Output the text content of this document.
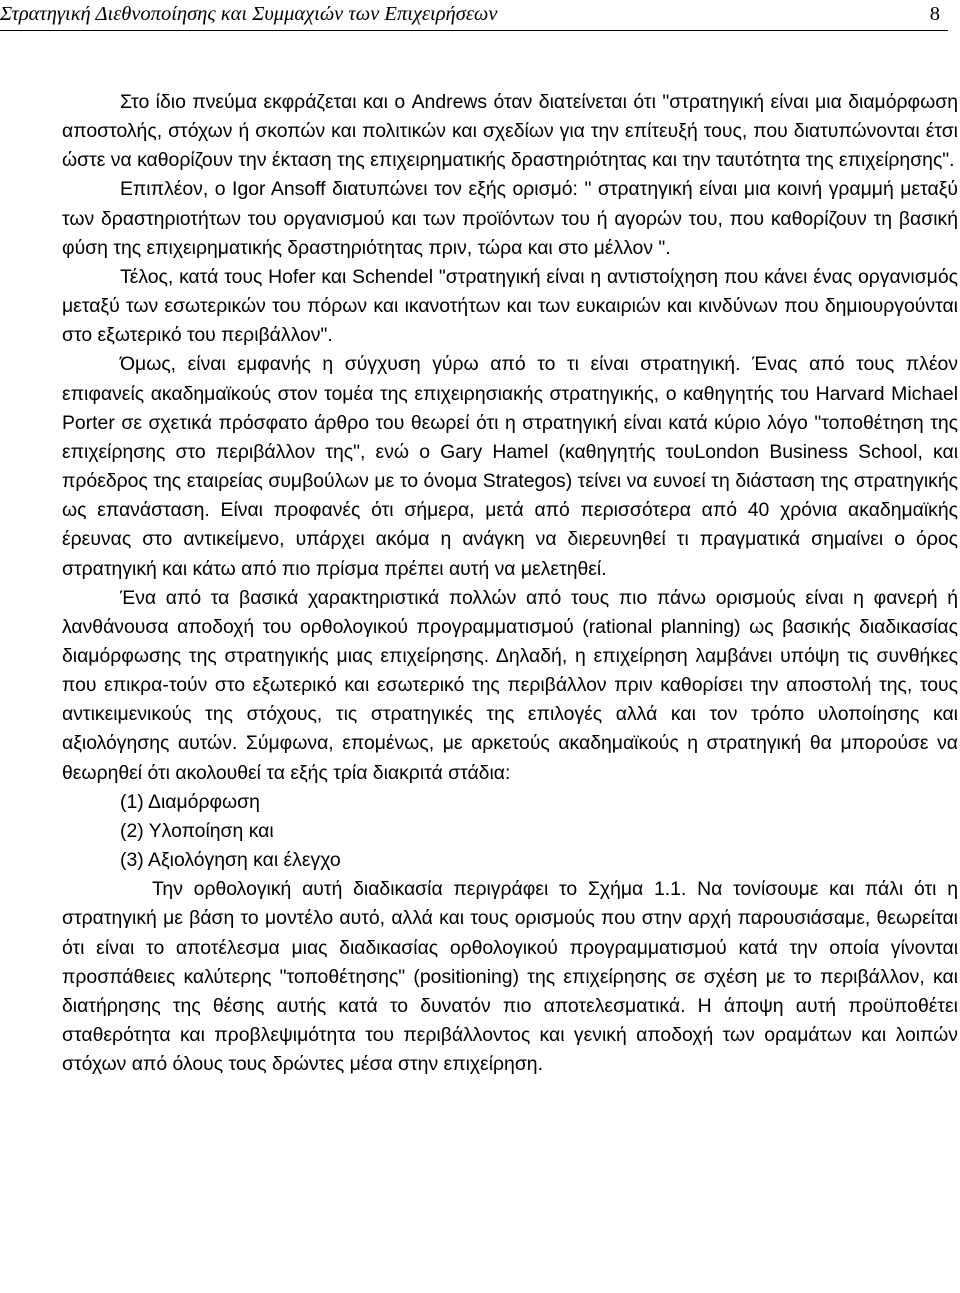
Στρατηγική Διεθνοποίησης και Συμμαχιών των Επιχειρήσεων	8

Στο ίδιο πνεύμα εκφράζεται και ο Andrews όταν διατείνεται ότι "στρατηγική είναι μια διαμόρφωση αποστολής, στόχων ή σκοπών και πολιτικών και σχεδίων για την επίτευξή τους, που διατυπώνονται έτσι ώστε να καθορίζουν την έκταση της επιχειρηματικής δραστηριότητας και την ταυτότητα της επιχείρησης".

Επιπλέον, ο Igor Ansoff διατυπώνει τον εξής ορισμό: " στρατηγική είναι μια κοινή γραμμή μεταξύ των δραστηριοτήτων του οργανισμού και των προϊόντων του ή αγορών του, που καθορίζουν τη βασική φύση της επιχειρηματικής δραστηριότητας πριν, τώρα και στο μέλλον ".

Τέλος, κατά τους Hofer και Schendel "στρατηγική είναι η αντιστοίχηση που κάνει ένας οργανισμός μεταξύ των εσωτερικών του πόρων και ικανοτήτων και των ευκαιριών και κινδύνων που δημιουργούνται στο εξωτερικό του περιβάλλον".

Όμως, είναι εμφανής η σύγχυση γύρω από το τι είναι στρατηγική. Ένας από τους πλέον επιφανείς ακαδημαϊκούς στον τομέα της επιχειρησιακής στρατηγικής, ο καθηγητής του Harvard Michael Porter σε σχετικά πρόσφατο άρθρο του θεωρεί ότι η στρατηγική είναι κατά κύριο λόγο "τοποθέτηση της επιχείρησης στο περιβάλλον της", ενώ ο Gary Hamel (καθηγητής τουLondon Business School, και πρόεδρος της εταιρείας συμβούλων με το όνομα Strategos) τείνει να ευνοεί τη διάσταση της στρατηγικής ως επανάσταση. Είναι προφανές ότι σήμερα, μετά από περισσότερα από 40 χρόνια ακαδημαϊκής έρευνας στο αντικείμενο, υπάρχει ακόμα η ανάγκη να διερευνηθεί τι πραγματικά σημαίνει ο όρος στρατηγική και κάτω από πιο πρίσμα πρέπει αυτή να μελετηθεί.

Ένα από τα βασικά χαρακτηριστικά πολλών από τους πιο πάνω ορισμούς είναι η φανερή ή λανθάνουσα αποδοχή του ορθολογικού προγραμματισμού (rational planning) ως βασικής διαδικασίας διαμόρφωσης της στρατηγικής μιας επιχείρησης. Δηλαδή, η επιχείρηση λαμβάνει υπόψη τις συνθήκες που επικρα-τούν στο εξωτερικό και εσωτερικό της περιβάλλον πριν καθορίσει την αποστολή της, τους αντικειμενικούς της στόχους, τις στρατηγικές της επιλογές αλλά και τον τρόπο υλοποίησης και αξιολόγησης αυτών. Σύμφωνα, επομένως, με αρκετούς ακαδημαϊκούς η στρατηγική θα μπορούσε να θεωρηθεί ότι ακολουθεί τα εξής τρία διακριτά στάδια:

(1) Διαμόρφωση
(2) Υλοποίηση και
(3) Αξιολόγηση και έλεγχο

Την ορθολογική αυτή διαδικασία περιγράφει το Σχήμα 1.1. Να τονίσουμε και πάλι ότι η στρατηγική με βάση το μοντέλο αυτό, αλλά και τους ορισμούς που στην αρχή παρουσιάσαμε, θεωρείται ότι είναι το αποτέλεσμα μιας διαδικασίας ορθολογικού προγραμματισμού κατά την οποία γίνονται προσπάθειες καλύτερης "τοποθέτησης" (positioning) της επιχείρησης σε σχέση με το περιβάλλον, και διατήρησης της θέσης αυτής κατά το δυνατόν πιο αποτελεσματικά. Η άποψη αυτή προϋποθέτει σταθερότητα και προβλεψιμότητα του περιβάλλοντος και γενική αποδοχή των οραμάτων και λοιπών στόχων από όλους τους δρώντες μέσα στην επιχείρηση.
